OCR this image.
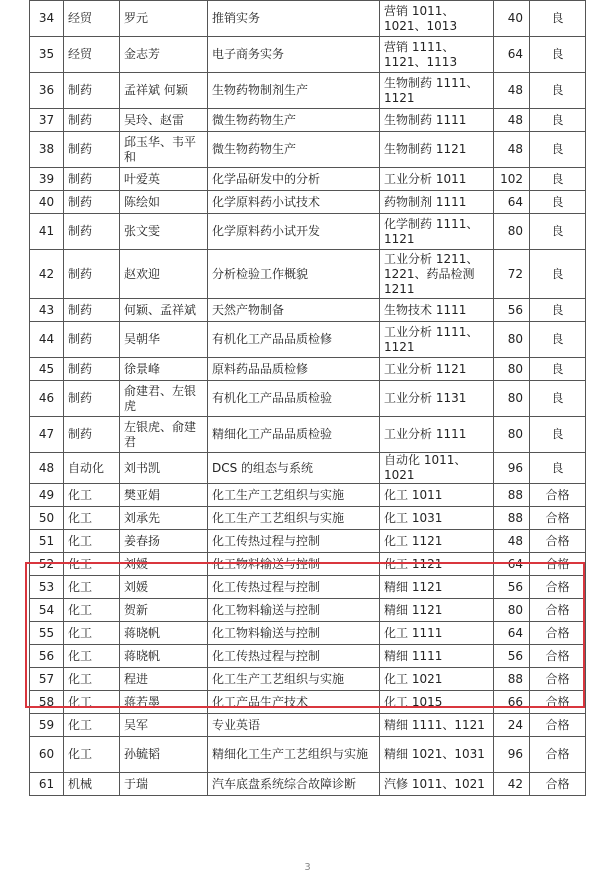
34	经贸	罗元	推销实务	营销 1011、1021、1013	40	良
35	经贸	金志芳	电子商务实务	营销 1111、1121、1113	64	良
36	制药	孟祥斌 何颖	生物药物制剂生产	生物制药 1111、1121	48	良
37	制药	吴玲、赵雷	微生物药物生产	生物制药 1111	48	良
38	制药	邱玉华、韦平和	微生物药物生产	生物制药 1121	48	良
39	制药	叶爱英	化学品研发中的分析	工业分析 1011	102	良
40	制药	陈绘如	化学原料药小试技术	药物制剂 1111	64	良
41	制药	张文雯	化学原料药小试开发	化学制药 1111、1121	80	良
42	制药	赵欢迎	分析检验工作概貌	工业分析 1211、1221、药品检测 1211	72	良
43	制药	何颖、孟祥斌	天然产物制备	生物技术 1111	56	良
44	制药	吴朝华	有机化工产品品质检修	工业分析 1111、1121	80	良
45	制药	徐景峰	原料药品品质检修	工业分析 1121	80	良
46	制药	俞建君、左银虎	有机化工产品品质检验	工业分析 1131	80	良
47	制药	左银虎、俞建君	精细化工产品品质检验	工业分析 1111	80	良
48	自动化	刘书凯	DCS 的组态与系统	自动化 1011、1021	96	良
49	化工	樊亚娟	化工生产工艺组织与实施	化工 1011	88	合格
50	化工	刘承先	化工生产工艺组织与实施	化工 1031	88	合格
51	化工	姜春扬	化工传热过程与控制	化工 1121	48	合格
52	化工	刘媛	化工物料输送与控制	化工 1121	64	合格
53	化工	刘媛	化工传热过程与控制	精细 1121	56	合格
54	化工	贺新	化工物料输送与控制	精细 1121	80	合格
55	化工	蒋晓帆	化工物料输送与控制	化工 1111	64	合格
56	化工	蒋晓帆	化工传热过程与控制	精细 1111	56	合格
57	化工	程进	化工生产工艺组织与实施	化工 1021	88	合格
58	化工	蒋若墨	化工产品生产技术	化工 1015	66	合格
59	化工	吴军	专业英语	精细 1111、1121	24	合格
60	化工	孙毓韬	精细化工生产工艺组织与实施	精细 1021、1031	96	合格
61	机械	于瑞	汽车底盘系统综合故障诊断	汽修 1011、1021	42	合格
3
